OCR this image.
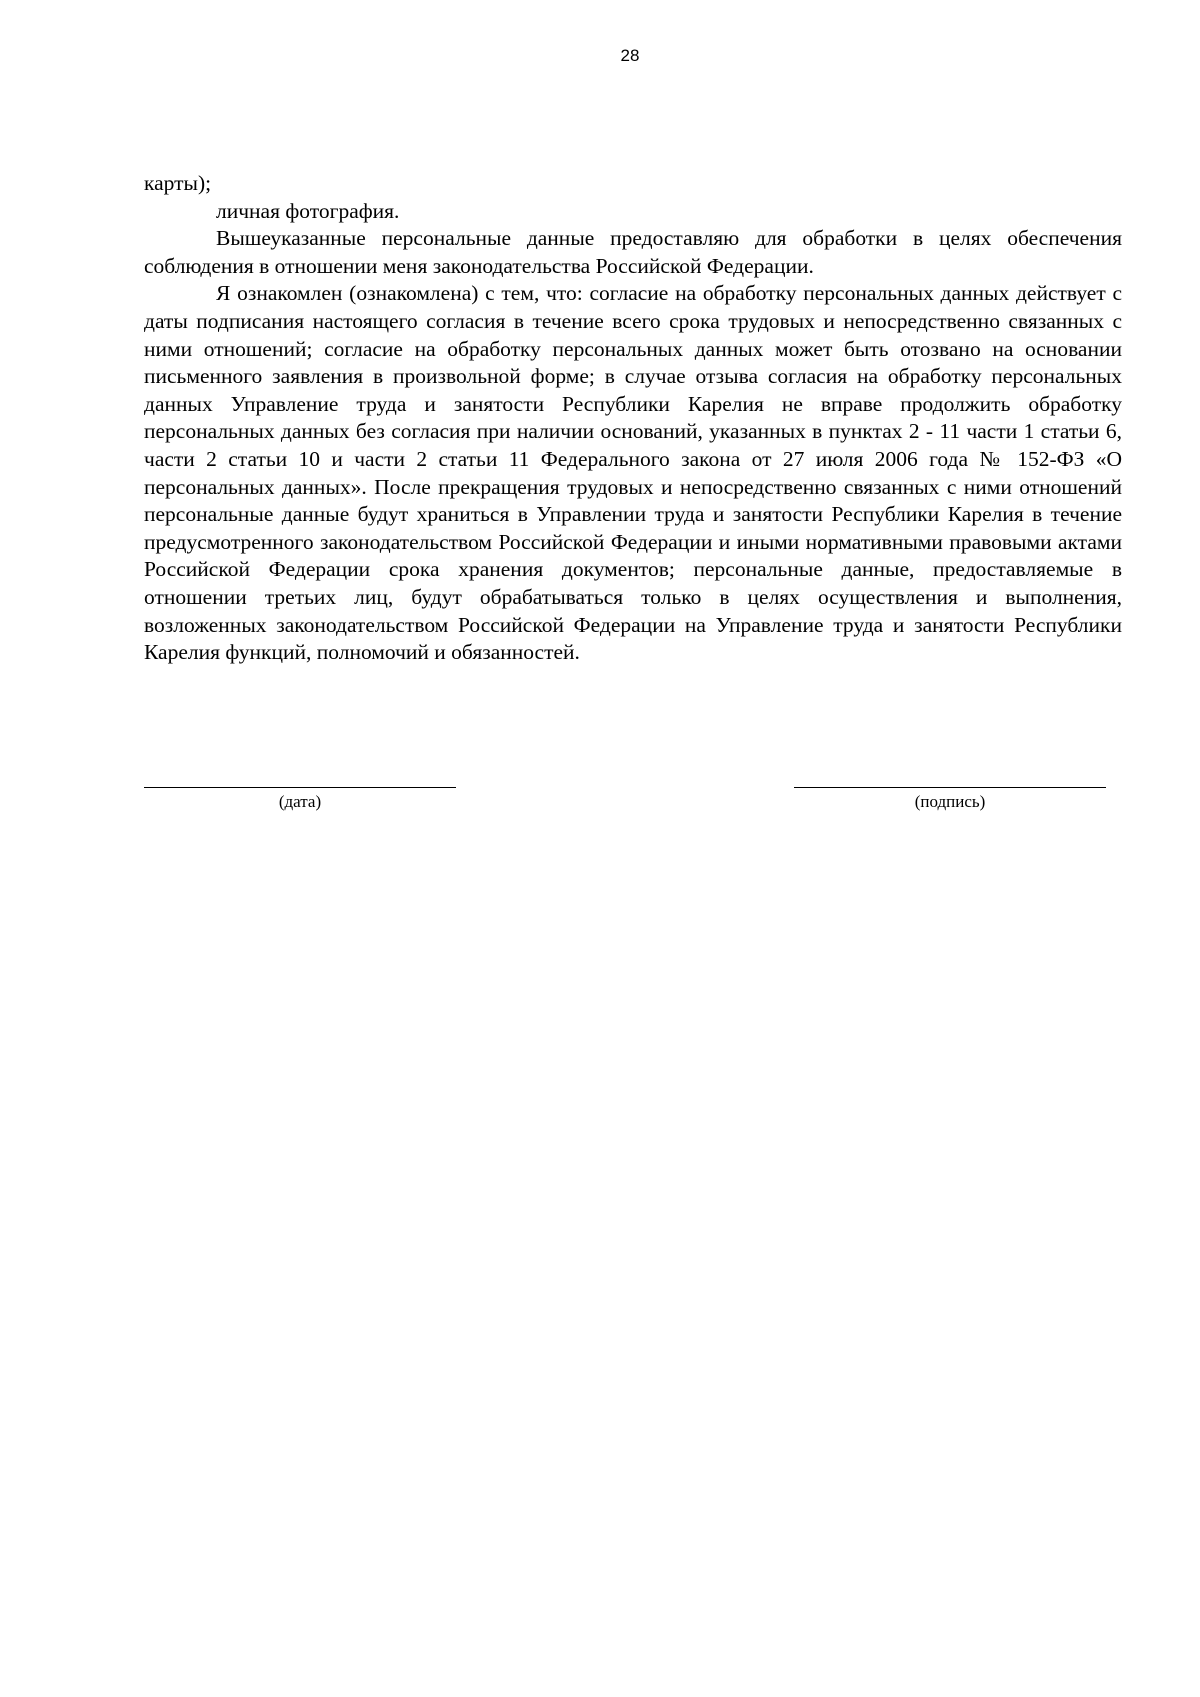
28

карты);

личная фотография.

Вышеуказанные персональные данные предоставляю для обработки в целях обеспечения соблюдения в отношении меня законодательства Российской Федерации.

Я ознакомлен (ознакомлена) с тем, что: согласие на обработку персональных данных действует с даты подписания настоящего согласия в течение всего срока трудовых и непосредственно связанных с ними отношений; согласие на обработку персональных данных может быть отозвано на основании письменного заявления в произвольной форме; в случае отзыва согласия на обработку персональных данных Управление труда и занятости Республики Карелия не вправе продолжить обработку персональных данных без согласия при наличии оснований, указанных в пунктах 2 - 11 части 1 статьи 6, части 2 статьи 10 и части 2 статьи 11 Федерального закона от 27 июля 2006 года № 152-ФЗ «О персональных данных». После прекращения трудовых и непосредственно связанных с ними отношений персональные данные будут храниться в Управлении труда и занятости Республики Карелия в течение предусмотренного законодательством Российской Федерации и иными нормативными правовыми актами Российской Федерации срока хранения документов; персональные данные, предоставляемые в отношении третьих лиц, будут обрабатываться только в целях осуществления и выполнения, возложенных законодательством Российской Федерации на Управление труда и занятости Республики Карелия функций, полномочий и обязанностей.

(дата)	(подпись)
